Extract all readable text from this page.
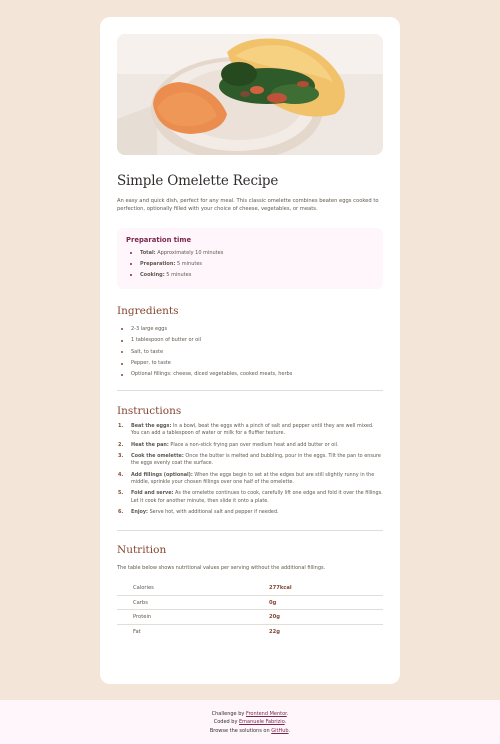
Simple Omelette Recipe

An easy and quick dish, perfect for any meal. This classic omelette combines beaten eggs cooked to perfection, optionally filled with your choice of cheese, vegetables, or meats.

Preparation time
Total: Approximately 10 minutes
Preparation: 5 minutes
Cooking: 5 minutes
Ingredients
2-3 large eggs
1 tablespoon of butter or oil
Salt, to taste
Pepper, to taste
Optional fillings: cheese, diced vegetables, cooked meats, herbs
Instructions
1. Beat the eggs: In a bowl, beat the eggs with a pinch of salt and pepper until they are well mixed. You can add a tablespoon of water or milk for a fluffier texture.
2. Heat the pan: Place a non-stick frying pan over medium heat and add butter or oil.
3. Cook the omelette: Once the butter is melted and bubbling, pour in the eggs. Tilt the pan to ensure the eggs evenly coat the surface.
4. Add fillings (optional): When the eggs begin to set at the edges but are still slightly runny in the middle, sprinkle your chosen fillings over one half of the omelette.
5. Fold and serve: As the omelette continues to cook, carefully lift one edge and fold it over the fillings. Let it cook for another minute, then slide it onto a plate.
6. Enjoy: Serve hot, with additional salt and pepper if needed.
Nutrition

The table below shows nutritional values per serving without the additional fillings.

Calories	277kcal
Carbs	0g
Protein	20g
Fat	22g
Challenge by Frontend Mentor.
Coded by Emanuele Fabrizio.
Browse the solutions on GitHub.
